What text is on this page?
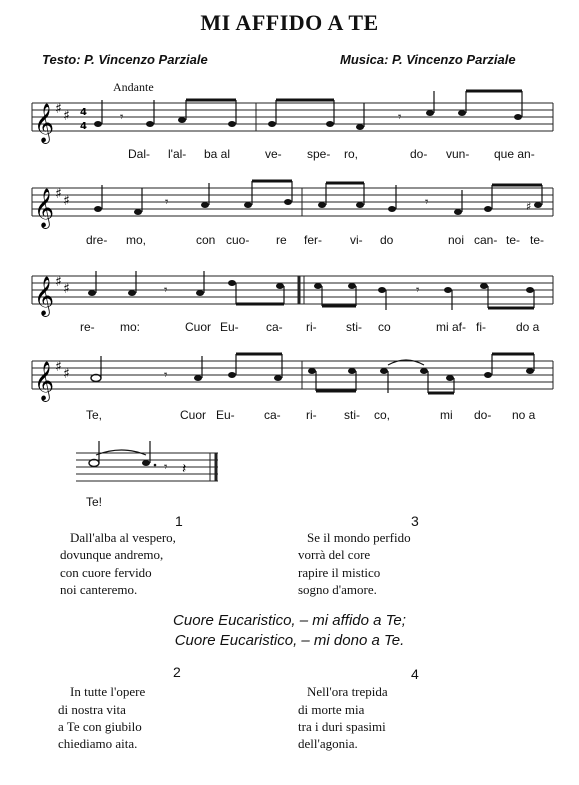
MI AFFIDO A TE
Testo: P. Vincenzo Parziale	Musica: P. Vincenzo Parziale
Andante
𝄞 ♯ ♯ 4
4
𝄾	𝄾
𝄞 ♯ ♯	𝄾	𝄾	♯
𝄞 ♯ ♯	𝄾	𝄾
𝄞 ♯ ♯	𝄾
𝄾 𝄽
Dal- l'al- ba al	ve- spe- ro,	do- vun- que an-
dre- mo,	con cuo- re fer- vi- do	noi can- te- te-
re- mo:	Cuor Eu- ca- ri- sti- co	mi af- fi-	do a
Te,	Cuor Eu- ca- ri- sti- co,	mi do- no a
Te!
1
Dall'alba al vespero,
dovunque andremo,
con cuore fervido
noi canteremo.
3
Se il mondo perfido
vorrà del core
rapire il mistico
sogno d'amore.
Cuore Eucaristico, – mi affido a Te;
Cuore Eucaristico, – mi dono a Te.
2
In tutte l'opere
di nostra vita
a Te con giubilo
chiediamo aita.
4
Nell'ora trepida
di morte mia
tra i duri spasimi
dell'agonia.
